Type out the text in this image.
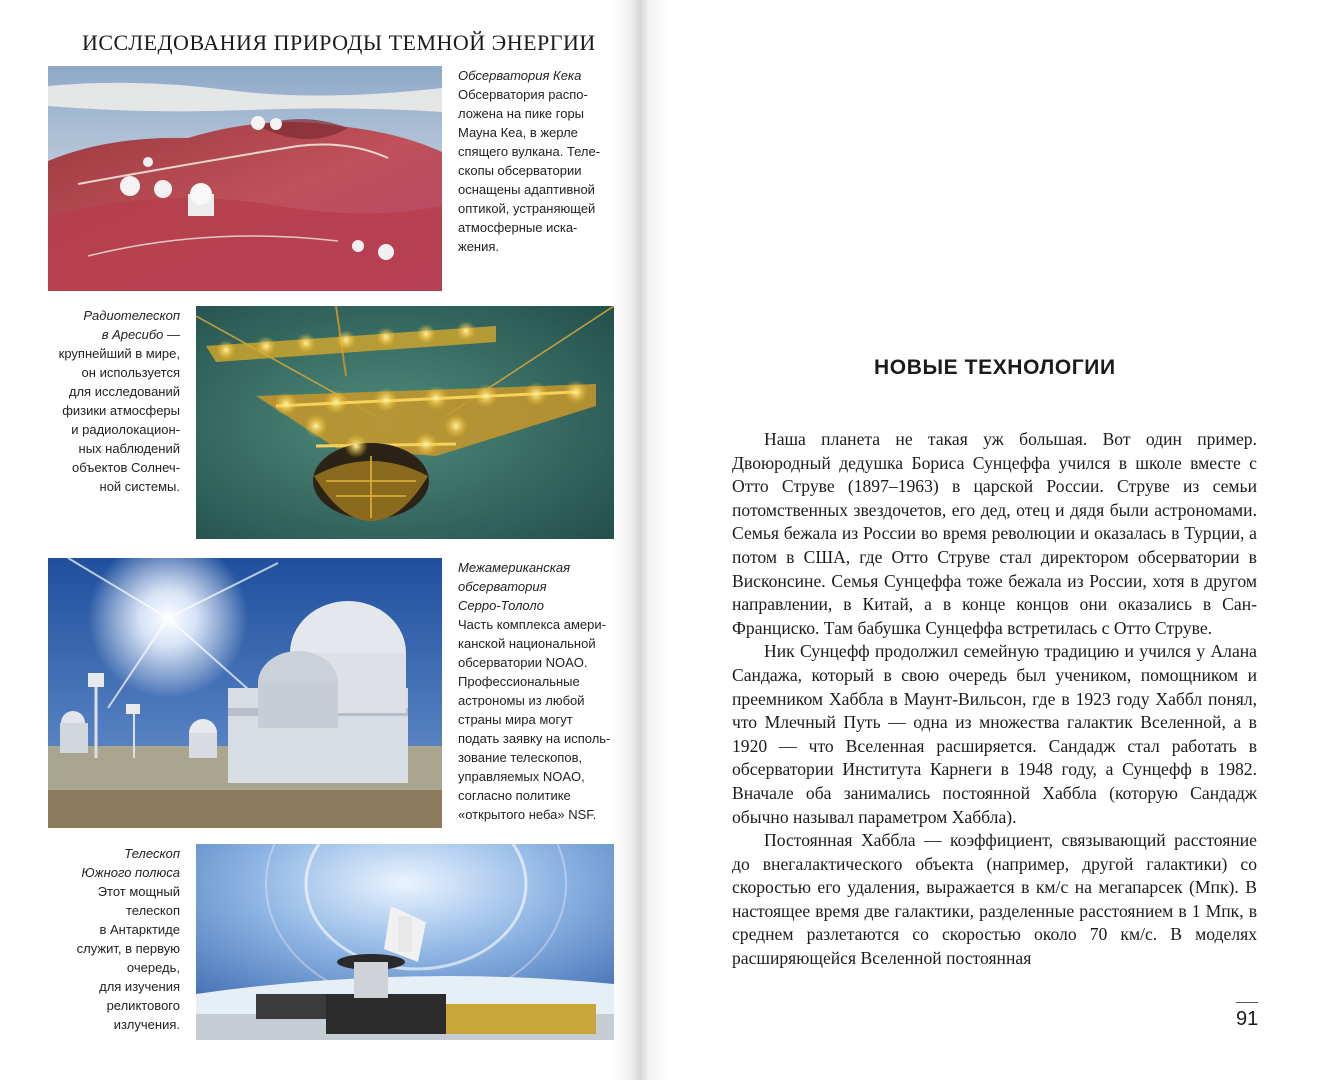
ИССЛЕДОВАНИЯ ПРИРОДЫ ТЕМНОЙ ЭНЕРГИИ
Обсерватория Кека
Обсерватория распо-
ложена на пике горы
Мауна Кеа, в жерле
спящего вулкана. Теле-
скопы обсерватории
оснащены адаптивной
оптикой, устраняющей
атмосферные иска-
жения.
Радиотелескоп
в Аресибо —
крупнейший в мире,
он используется
для исследований
физики атмосферы
и радиолокацион-
ных наблюдений
объектов Солнеч-
ной системы.
Межамериканская
обсерватория
Серро-Тололо
Часть комплекса амери-
канской национальной
обсерватории NOAO.
Профессиональные
астрономы из любой
страны мира могут
подать заявку на исполь-
зование телескопов,
управляемых NOAO,
согласно политике
«открытого неба» NSF.
Телескоп
Южного полюса
Этот мощный
телескоп
в Антарктиде
служит, в первую
очередь,
для изучения
реликтового
излучения.
НОВЫЕ ТЕХНОЛОГИИ

Наша планета не такая уж большая. Вот один пример. Двоюродный дедушка Бориса Сунцеффа учился в школе вместе с Отто Струве (1897–1963) в царской России. Струве из семьи потомственных звездочетов, его дед, отец и дядя были астрономами. Семья бежала из России во время революции и оказалась в Турции, а потом в США, где Отто Струве стал директором обсерватории в Висконсине. Семья Сунцеффа тоже бежала из России, хотя в другом направлении, в Китай, а в конце концов они оказались в Сан-Франциско. Там бабушка Сунцеффа встретилась с Отто Струве.

Ник Сунцефф продолжил семейную традицию и учился у Алана Сандажа, который в свою очередь был учеником, помощником и преемником Хаббла в Маунт-Вильсон, где в 1923 году Хаббл понял, что Млечный Путь — одна из множества галактик Вселенной, а в 1920 — что Вселенная расширяется. Сандадж стал работать в обсерватории Института Карнеги в 1948 году, а Сунцефф в 1982. Вначале оба занимались постоянной Хаббла (которую Сандадж обычно называл параметром Хаббла).

Постоянная Хаббла — коэффициент, связывающий расстояние до внегалактического объекта (например, другой галактики) со скоростью его удаления, выражается в км/с на мегапарсек (Мпк). В настоящее время две галактики, разделенные расстоянием в 1 Мпк, в среднем разлетаются со скоростью около 70 км/с. В моделях расширяющейся Вселенной постоянная

91
